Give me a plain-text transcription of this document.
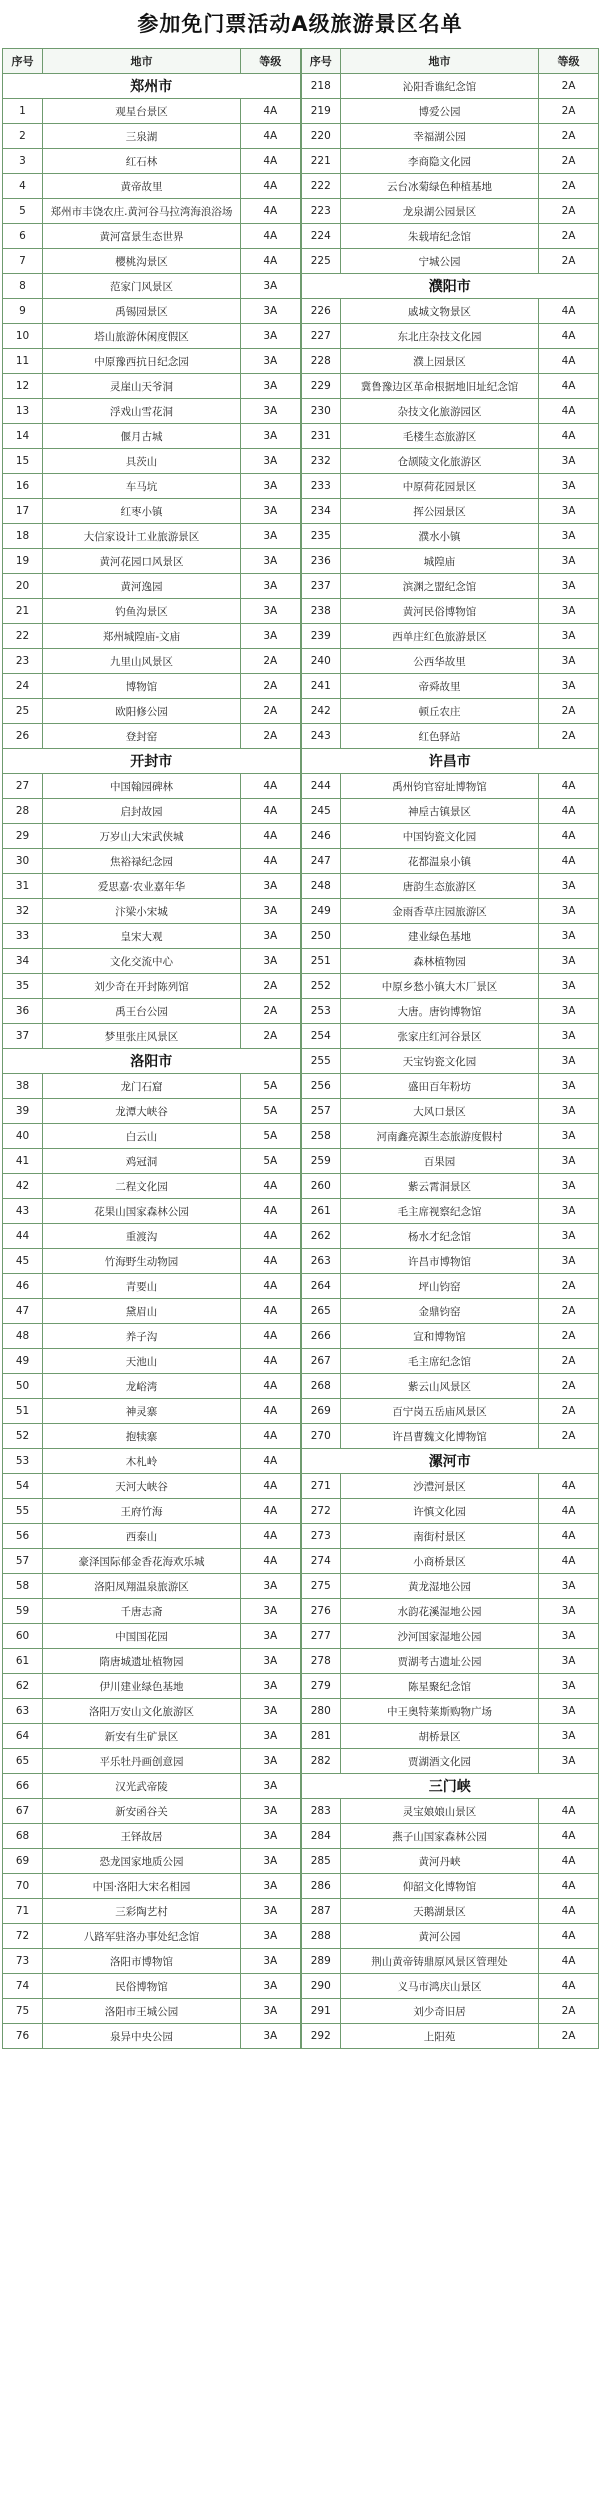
参加免门票活动A级旅游景区名单
序号	地市	等级	序号	地市	等级
郑州市			218	沁阳香谯纪念馆	2A
1	观星台景区	4A	219	博爱公园	2A
2	三泉湖	4A	220	幸福湖公园	2A
3	红石林	4A	221	李商隐文化园	2A
4	黄帝故里	4A	222	云台冰菊绿色种植基地	2A
5	郑州市丰饶农庄.黄河谷马拉湾海浪浴场	4A	223	龙泉湖公园景区	2A
6	黄河富景生态世界	4A	224	朱载堉纪念馆	2A
7	樱桃沟景区	4A	225	宁城公园	2A
8	范家门风景区	3A	濮阳市		
9	禹锡园景区	3A	226	戚城文物景区	4A
10	塔山旅游休闲度假区	3A	227	东北庄杂技文化园	4A
11	中原豫西抗日纪念园	3A	228	濮上园景区	4A
12	灵崖山天爷洞	3A	229	冀鲁豫边区革命根据地旧址纪念馆	4A
13	浮戏山雪花洞	3A	230	杂技文化旅游园区	4A
14	偃月古城	3A	231	毛楼生态旅游区	4A
15	具茨山	3A	232	仓颉陵文化旅游区	3A
16	车马坑	3A	233	中原荷花园景区	3A
17	红枣小镇	3A	234	挥公园景区	3A
18	大信家设计工业旅游景区	3A	235	濮水小镇	3A
19	黄河花园口风景区	3A	236	城隍庙	3A
20	黄河逸园	3A	237	滨渊之盟纪念馆	3A
21	钓鱼沟景区	3A	238	黄河民俗博物馆	3A
22	郑州城隍庙-文庙	3A	239	西单庄红色旅游景区	3A
23	九里山风景区	2A	240	公西华故里	3A
24	博物馆	2A	241	帝舜故里	3A
25	欧阳修公园	2A	242	顿丘农庄	2A
26	登封窑	2A	243	红色驿站	2A
开封市			许昌市		
27	中国翰园碑林	4A	244	禹州钧官窑址博物馆	4A
28	启封故园	4A	245	神垕古镇景区	4A
29	万岁山大宋武侠城	4A	246	中国钧瓷文化园	4A
30	焦裕禄纪念园	4A	247	花都温泉小镇	4A
31	爱思嘉·农业嘉年华	3A	248	唐韵生态旅游区	3A
32	汴梁小宋城	3A	249	金雨香草庄园旅游区	3A
33	皇宋大观	3A	250	建业绿色基地	3A
34	文化交流中心	3A	251	森林植物园	3A
35	刘少奇在开封陈列馆	2A	252	中原乡愁小镇大木厂景区	3A
36	禹王台公园	2A	253	大唐。唐钧博物馆	3A
37	梦里张庄风景区	2A	254	张家庄红河谷景区	3A
洛阳市			255	天宝钧瓷文化园	3A
38	龙门石窟	5A	256	盛田百年粉坊	3A
39	龙潭大峡谷	5A	257	大风口景区	3A
40	白云山	5A	258	河南鑫亮源生态旅游度假村	3A
41	鸡冠洞	5A	259	百果园	3A
42	二程文化园	4A	260	紫云霄洞景区	3A
43	花果山国家森林公园	4A	261	毛主席视察纪念馆	3A
44	重渡沟	4A	262	杨水才纪念馆	3A
45	竹海野生动物园	4A	263	许昌市博物馆	3A
46	青要山	4A	264	坪山钧窑	2A
47	黛眉山	4A	265	金鼎钧窑	2A
48	养子沟	4A	266	宣和博物馆	2A
49	天池山	4A	267	毛主席纪念馆	2A
50	龙峪湾	4A	268	紫云山风景区	2A
51	神灵寨	4A	269	百宁岗五岳庙风景区	2A
52	抱犊寨	4A	270	许昌曹魏文化博物馆	2A
53	木札岭	4A	漯河市		
54	天河大峡谷	4A	271	沙澧河景区	4A
55	王府竹海	4A	272	许慎文化园	4A
56	西泰山	4A	273	南街村景区	4A
57	豪泽国际郁金香花海欢乐城	4A	274	小商桥景区	4A
58	洛阳凤翔温泉旅游区	3A	275	黄龙湿地公园	3A
59	千唐志斋	3A	276	水韵花溪湿地公园	3A
60	中国国花园	3A	277	沙河国家湿地公园	3A
61	隋唐城遗址植物园	3A	278	贾湖考古遗址公园	3A
62	伊川建业绿色基地	3A	279	陈星聚纪念馆	3A
63	洛阳万安山文化旅游区	3A	280	中王奥特莱斯购物广场	3A
64	新安有生矿景区	3A	281	胡桥景区	3A
65	平乐牡丹画创意园	3A	282	贾湖酒文化园	3A
66	汉光武帝陵	3A	三门峡		
67	新安函谷关	3A	283	灵宝娘娘山景区	4A
68	王铎故居	3A	284	燕子山国家森林公园	4A
69	恐龙国家地质公园	3A	285	黄河丹峡	4A
70	中国·洛阳大宋名相园	3A	286	仰韶文化博物馆	4A
71	三彩陶艺村	3A	287	天鹅湖景区	4A
72	八路军驻洛办事处纪念馆	3A	288	黄河公园	4A
73	洛阳市博物馆	3A	289	荆山黄帝铸鼎原风景区管理处	4A
74	民俗博物馆	3A	290	义马市鸿庆山景区	4A
75	洛阳市王城公园	3A	291	刘少奇旧居	2A
76	泉异中央公园	3A	292	上阳苑	2A
